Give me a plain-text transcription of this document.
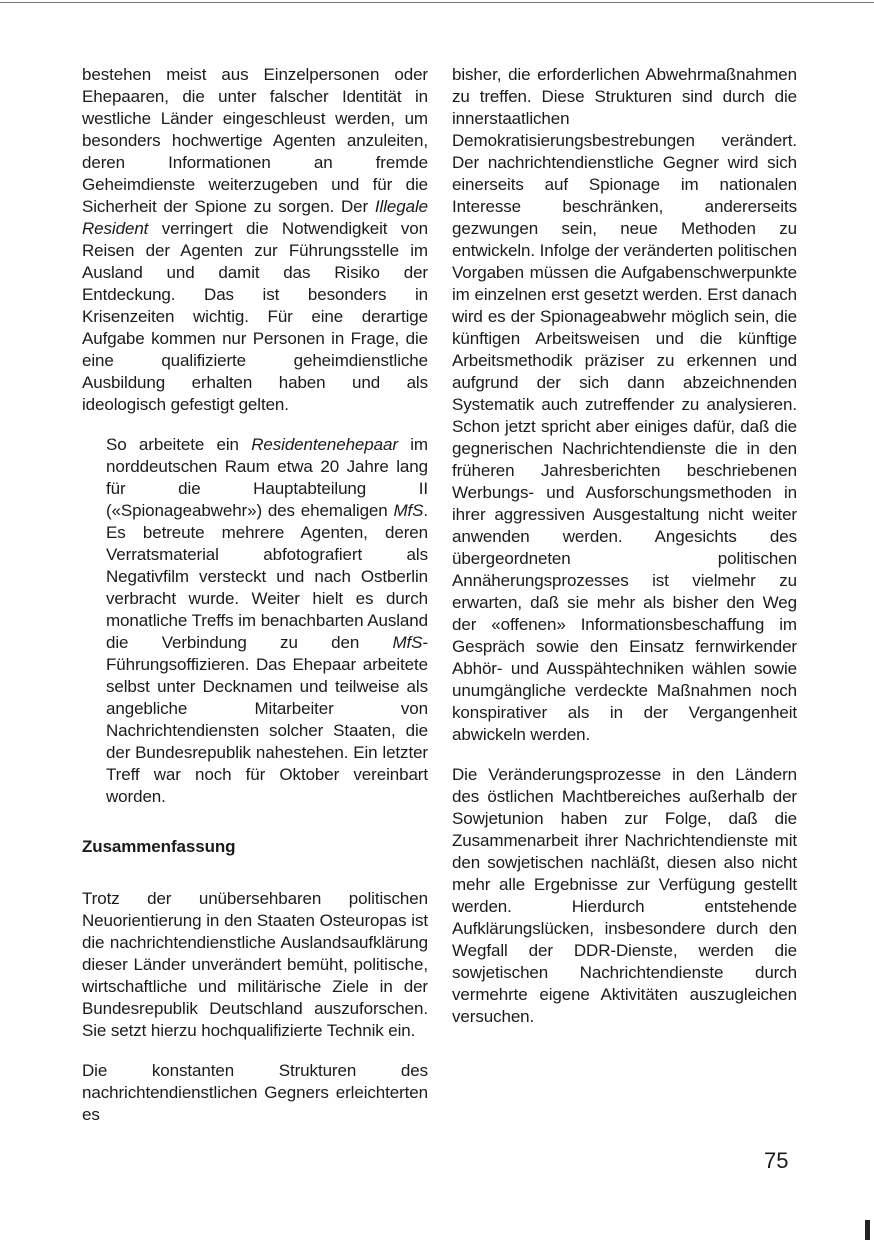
bestehen meist aus Einzelpersonen oder Ehepaaren, die unter falscher Identität in westliche Länder eingeschleust werden, um besonders hochwertige Agenten anzuleiten, deren Informationen an fremde Geheimdienste weiterzugeben und für die Sicherheit der Spione zu sorgen. Der Illegale Resident verringert die Notwendigkeit von Reisen der Agenten zur Führungsstelle im Ausland und damit das Risiko der Entdeckung. Das ist besonders in Krisenzeiten wichtig. Für eine derartige Aufgabe kommen nur Personen in Frage, die eine qualifizierte geheimdienstliche Ausbildung erhalten haben und als ideologisch gefestigt gelten.

So arbeitete ein Residentenehepaar im norddeutschen Raum etwa 20 Jahre lang für die Hauptabteilung II («Spionageabwehr») des ehemaligen MfS. Es betreute mehrere Agenten, deren Verratsmaterial abfotografiert als Negativfilm versteckt und nach Ostberlin verbracht wurde. Weiter hielt es durch monatliche Treffs im benachbarten Ausland die Verbindung zu den MfS-Führungsoffizieren. Das Ehepaar arbeitete selbst unter Decknamen und teilweise als angebliche Mitarbeiter von Nachrichtendiensten solcher Staaten, die der Bundesrepublik nahestehen. Ein letzter Treff war noch für Oktober vereinbart worden.

Zusammenfassung

Trotz der unübersehbaren politischen Neuorientierung in den Staaten Osteuropas ist die nachrichtendienstliche Auslandsaufklärung dieser Länder unverändert bemüht, politische, wirtschaftliche und militärische Ziele in der Bundesrepublik Deutschland auszuforschen. Sie setzt hierzu hochqualifizierte Technik ein.

Die konstanten Strukturen des nachrichtendienstlichen Gegners erleichterten es

bisher, die erforderlichen Abwehrmaßnahmen zu treffen. Diese Strukturen sind durch die innerstaatlichen Demokratisierungsbestrebungen verändert. Der nachrichtendienstliche Gegner wird sich einerseits auf Spionage im nationalen Interesse beschränken, andererseits gezwungen sein, neue Methoden zu entwickeln. Infolge der veränderten politischen Vorgaben müssen die Aufgabenschwerpunkte im einzelnen erst gesetzt werden. Erst danach wird es der Spionageabwehr möglich sein, die künftigen Arbeitsweisen und die künftige Arbeitsmethodik präziser zu erkennen und aufgrund der sich dann abzeichnenden Systematik auch zutreffender zu analysieren. Schon jetzt spricht aber einiges dafür, daß die gegnerischen Nachrichtendienste die in den früheren Jahresberichten beschriebenen Werbungs- und Ausforschungsmethoden in ihrer aggressiven Ausgestaltung nicht weiter anwenden werden. Angesichts des übergeordneten politischen Annäherungsprozesses ist vielmehr zu erwarten, daß sie mehr als bisher den Weg der «offenen» Informationsbeschaffung im Gespräch sowie den Einsatz fernwirkender Abhör- und Ausspähtechniken wählen sowie unumgängliche verdeckte Maßnahmen noch konspirativer als in der Vergangenheit abwickeln werden.

Die Veränderungsprozesse in den Ländern des östlichen Machtbereiches außerhalb der Sowjetunion haben zur Folge, daß die Zusammenarbeit ihrer Nachrichtendienste mit den sowjetischen nachläßt, diesen also nicht mehr alle Ergebnisse zur Verfügung gestellt werden. Hierdurch entstehende Aufklärungslücken, insbesondere durch den Wegfall der DDR-Dienste, werden die sowjetischen Nachrichtendienste durch vermehrte eigene Aktivitäten auszugleichen versuchen.

75
